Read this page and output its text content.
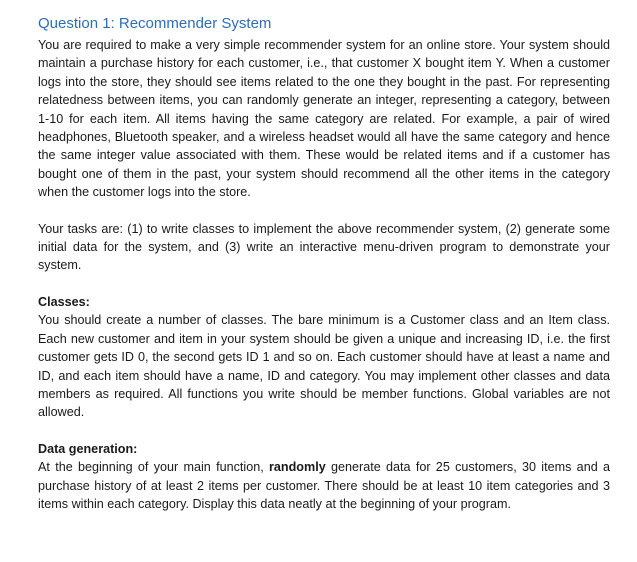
Question 1: Recommender System

You are required to make a very simple recommender system for an online store. Your system should maintain a purchase history for each customer, i.e., that customer X bought item Y. When a customer logs into the store, they should see items related to the one they bought in the past. For representing relatedness between items, you can randomly generate an integer, representing a category, between 1-10 for each item. All items having the same category are related. For example, a pair of wired headphones, Bluetooth speaker, and a wireless headset would all have the same category and hence the same integer value associated with them. These would be related items and if a customer has bought one of them in the past, your system should recommend all the other items in the category when the customer logs into the store.

Your tasks are: (1) to write classes to implement the above recommender system, (2) generate some initial data for the system, and (3) write an interactive menu-driven program to demonstrate your system.

Classes:

You should create a number of classes. The bare minimum is a Customer class and an Item class. Each new customer and item in your system should be given a unique and increasing ID, i.e. the first customer gets ID 0, the second gets ID 1 and so on. Each customer should have at least a name and ID, and each item should have a name, ID and category. You may implement other classes and data members as required. All functions you write should be member functions. Global variables are not allowed.

Data generation:

At the beginning of your main function, randomly generate data for 25 customers, 30 items and a purchase history of at least 2 items per customer. There should be at least 10 item categories and 3 items within each category. Display this data neatly at the beginning of your program.
